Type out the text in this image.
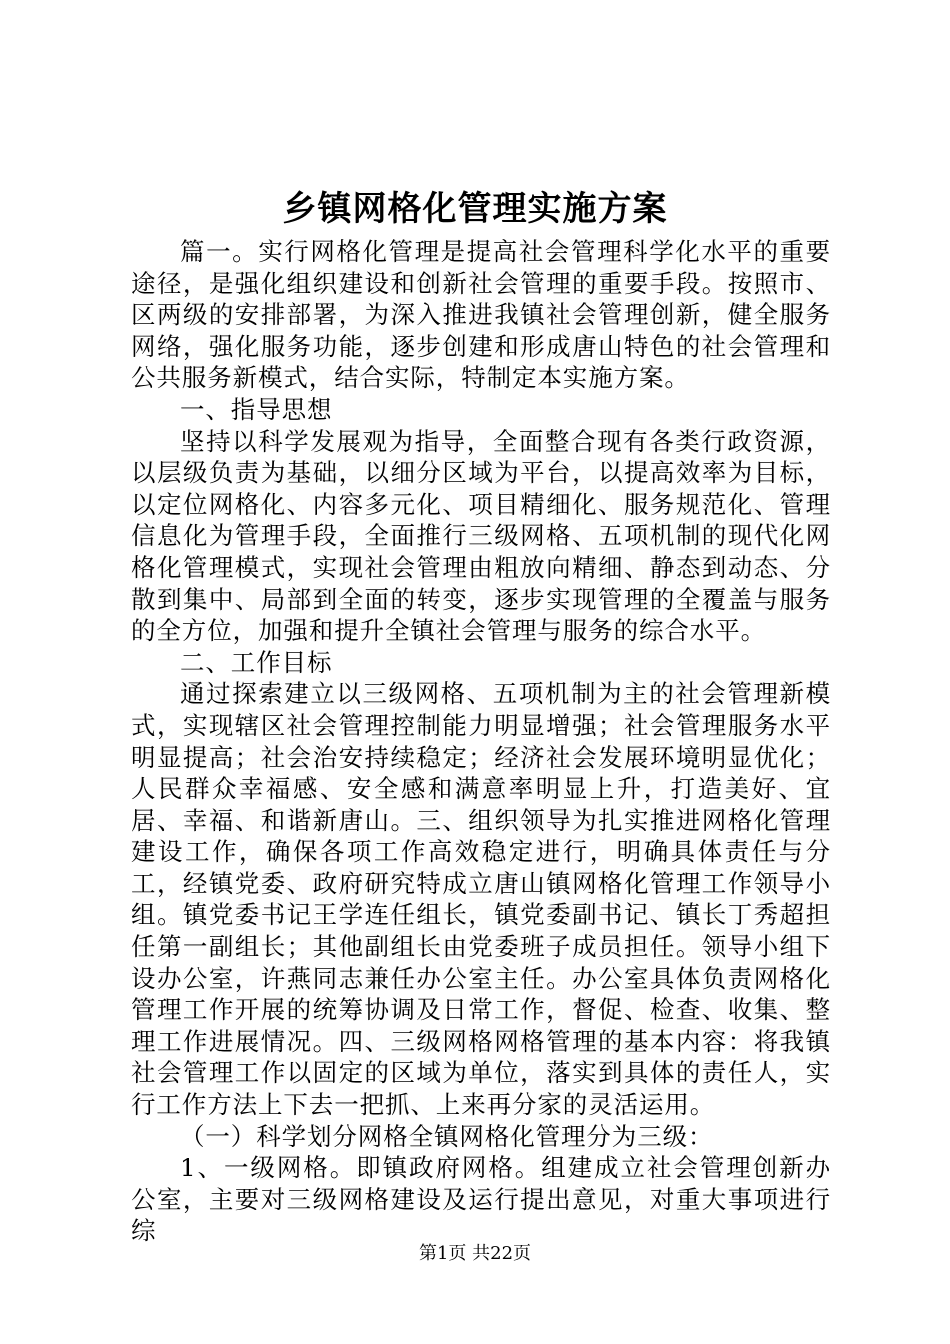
乡镇网格化管理实施方案

篇一。实行网格化管理是提高社会管理科学化水平的重要途径，是强化组织建设和创新社会管理的重要手段。按照市、区两级的安排部署，为深入推进我镇社会管理创新，健全服务网络，强化服务功能，逐步创建和形成唐山特色的社会管理和公共服务新模式，结合实际，特制定本实施方案。

一、指导思想

坚持以科学发展观为指导，全面整合现有各类行政资源，以层级负责为基础，以细分区域为平台，以提高效率为目标，以定位网格化、内容多元化、项目精细化、服务规范化、管理信息化为管理手段，全面推行三级网格、五项机制的现代化网格化管理模式，实现社会管理由粗放向精细、静态到动态、分散到集中、局部到全面的转变，逐步实现管理的全覆盖与服务的全方位，加强和提升全镇社会管理与服务的综合水平。

二、工作目标

通过探索建立以三级网格、五项机制为主的社会管理新模式，实现辖区社会管理控制能力明显增强；社会管理服务水平明显提高；社会治安持续稳定；经济社会发展环境明显优化；人民群众幸福感、安全感和满意率明显上升，打造美好、宜居、幸福、和谐新唐山。三、组织领导为扎实推进网格化管理建设工作，确保各项工作高效稳定进行，明确具体责任与分工，经镇党委、政府研究特成立唐山镇网格化管理工作领导小组。镇党委书记王学连任组长，镇党委副书记、镇长丁秀超担任第一副组长；其他副组长由党委班子成员担任。领导小组下设办公室，许燕同志兼任办公室主任。办公室具体负责网格化管理工作开展的统筹协调及日常工作，督促、检查、收集、整理工作进展情况。四、三级网格网格管理的基本内容：将我镇社会管理工作以固定的区域为单位，落实到具体的责任人，实行工作方法上下去一把抓、上来再分家的灵活运用。

（一）科学划分网格全镇网格化管理分为三级：

1、一级网格。即镇政府网格。组建成立社会管理创新办公室，主要对三级网格建设及运行提出意见，对重大事项进行综

第1页 共22页
